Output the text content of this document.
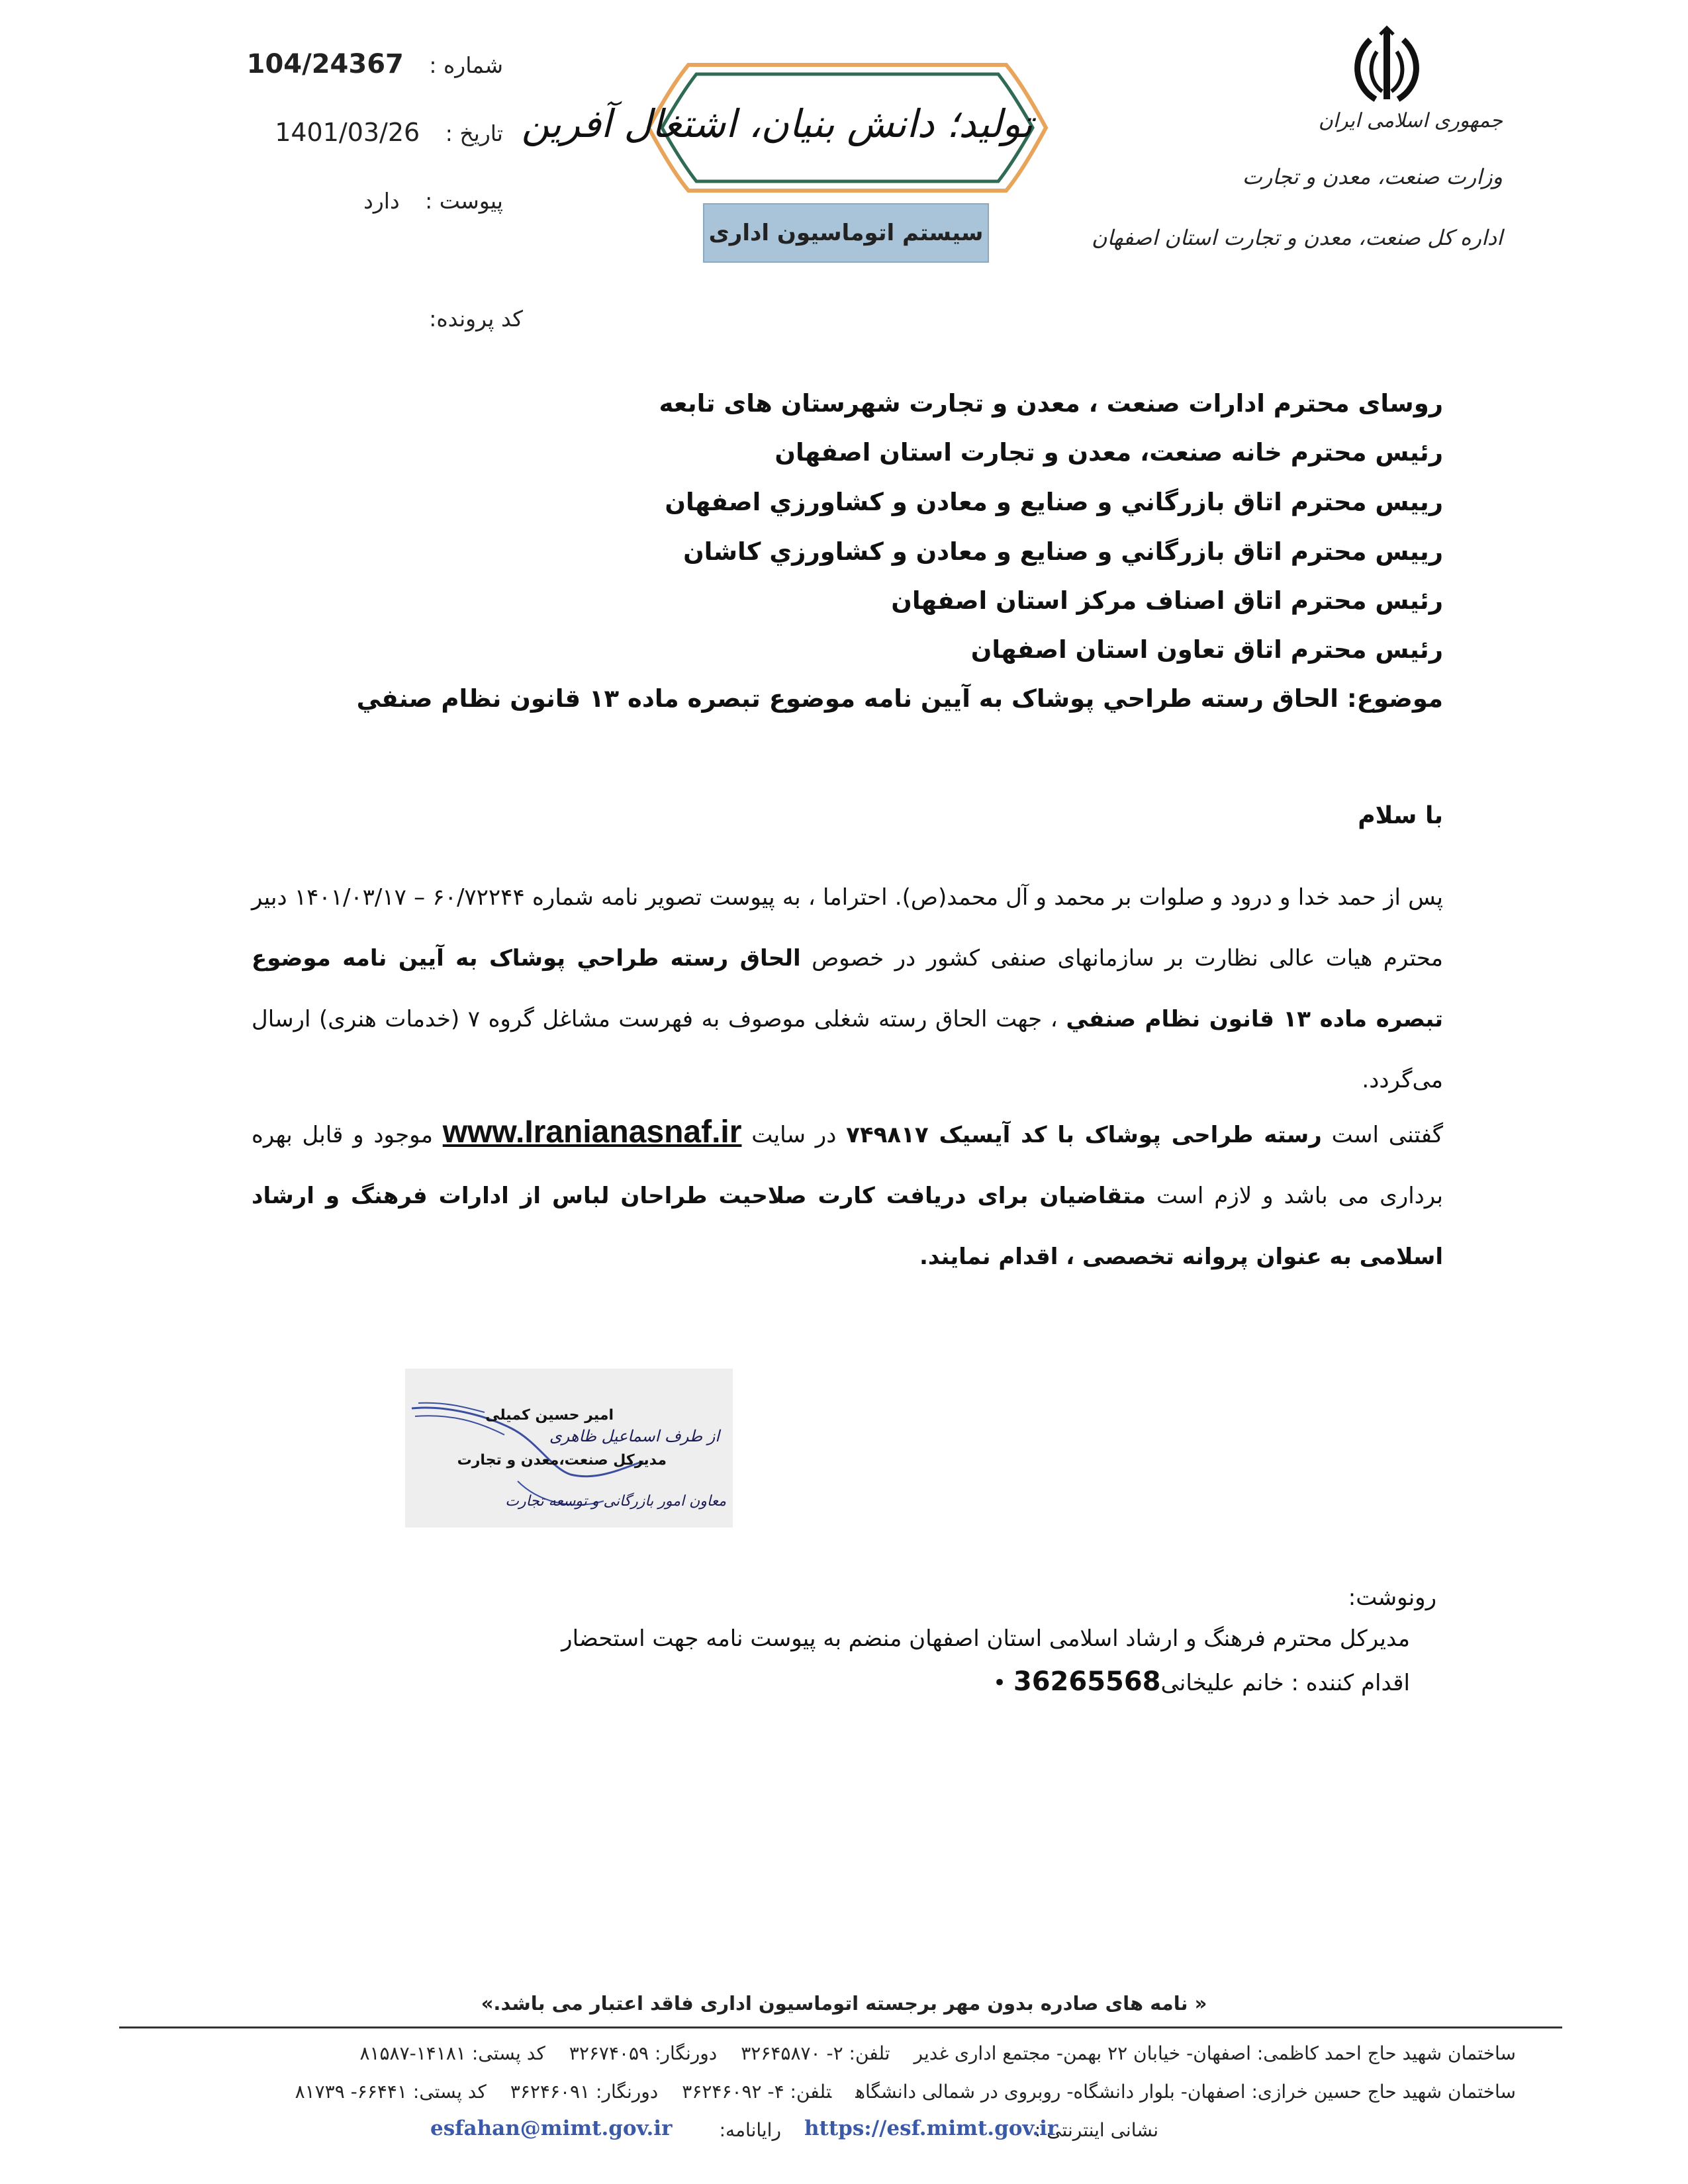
جمهوری اسلامی ایران
وزارت صنعت، معدن و تجارت
اداره کل صنعت، معدن و تجارت استان اصفهان
تولید؛ دانش بنیان، اشتغال آفرین
سیستم اتوماسیون اداری
شماره : 104/24367
تاریخ : 1401/03/26
پیوست : دارد
کد پرونده:
روسای محترم ادارات صنعت ، معدن و تجارت شهرستان های تابعه
رئیس محترم خانه صنعت، معدن و تجارت استان اصفهان
ریيس محترم اتاق بازرگاني و صنايع و معادن و كشاورزي اصفهان
ریيس محترم اتاق بازرگاني و صنايع و معادن و كشاورزي كاشان
رئیس محترم اتاق اصناف مرکز استان اصفهان
رئیس محترم اتاق تعاون استان اصفهان
موضوع: الحاق رسته طراحي پوشاک به آيين نامه موضوع تبصره ماده ۱۳ قانون نظام صنفي
با سلام
پس از حمد خدا و درود و صلوات بر محمد و آل محمد(ص). احتراما ، به پیوست تصویر نامه شماره ۶۰/۷۲۲۴۴ – ۱۴۰۱/۰۳/۱۷ دبیر محترم هیات عالی نظارت بر سازمانهای صنفی کشور در خصوص الحاق رسته طراحي پوشاک به آيين نامه موضوع تبصره ماده ۱۳ قانون نظام صنفي ، جهت الحاق رسته شغلی موصوف به فهرست مشاغل گروه ۷ (خدمات هنری) ارسال می‌گردد.
گفتنی است رسته طراحی پوشاک با کد آیسیک ۷۴۹۸۱۷ در سایت www.Iranianasnaf.ir موجود و قابل بهره برداری می باشد و لازم است متقاضیان برای دریافت کارت صلاحیت طراحان لباس از ادارات فرهنگ و ارشاد اسلامی به عنوان پروانه تخصصی ، اقدام نمایند.
امیر حسین کمیلی
از طرف اسماعیل ظاهری
مدیرکل صنعت،معدن و تجارت
معاون امور بازرگانی و توسعه تجارت
رونوشت:
مديركل محترم فرهنگ و ارشاد اسلامی استان اصفهان منضم به پیوست نامه جهت استحضار
اقدام کننده : خانم علیخانی36265568 •
« نامه های صادره بدون مهر برجسته اتوماسیون اداری فاقد اعتبار می باشد.»
ساختمان شهید حاج احمد کاظمی: اصفهان- خیابان ۲۲ بهمن- مجتمع اداری غدیرتلفن: ۲- ۳۲۶۴۵۸۷۰دورنگار: ۳۲۶۷۴۰۵۹کد پستی: ۱۴۱۸۱-۸۱۵۸۷
ساختمان شهید حاج حسین خرازی: اصفهان- بلوار دانشگاه- روبروی در شمالی دانشگاهتلفن: ۴- ۳۶۲۴۶۰۹۲دورنگار: ۳۶۲۴۶۰۹۱کد پستی: ۶۶۴۴۱- ۸۱۷۳۹
نشانی اینترنتی :
https://esf.mimt.gov.ir
رایانامه:
esfahan@mimt.gov.ir
